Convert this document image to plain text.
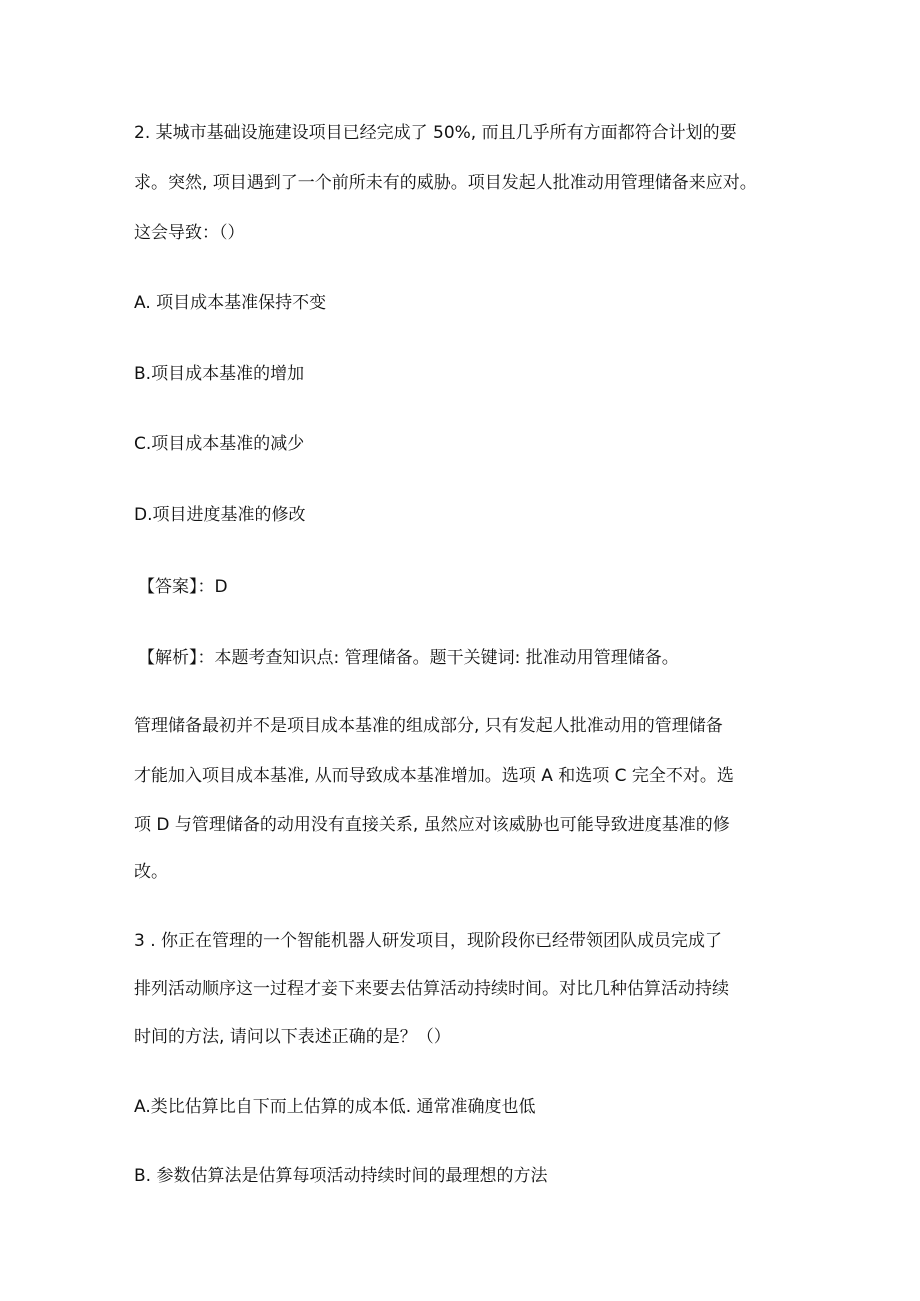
2. 某城市基础设施建设项目已经完成了 50%, 而且几乎所有方面都符合计划的要

求。突然, 项目遇到了一个前所未有的威胁。项目发起人批准动用管理储备来应对。

这会导致：（）

A. 项目成本基准保持不变

B.项目成本基准的增加

C.项目成本基准的减少

D.项目进度基准的修改

【答案】：D

【解析】：本题考查知识点: 管理储备。题干关键词: 批准动用管理储备。

管理储备最初并不是项目成本基准的组成部分, 只有发起人批准动用的管理储备

才能加入项目成本基准, 从而导致成本基准增加。选项 A 和选项 C 完全不对。选

项 D 与管理储备的动用没有直接关系, 虽然应对该威胁也可能导致进度基准的修

改。

3 . 你正在管理的一个智能机器人研发项目，现阶段你已经带领团队成员完成了

排列活动顺序这一过程才妾下来要去估算活动持续时间。对比几种估算活动持续

时间的方法, 请问以下表述正确的是？（）

A.类比估算比自下而上估算的成本低. 通常准确度也低

B. 参数估算法是估算每项活动持续时间的最理想的方法
